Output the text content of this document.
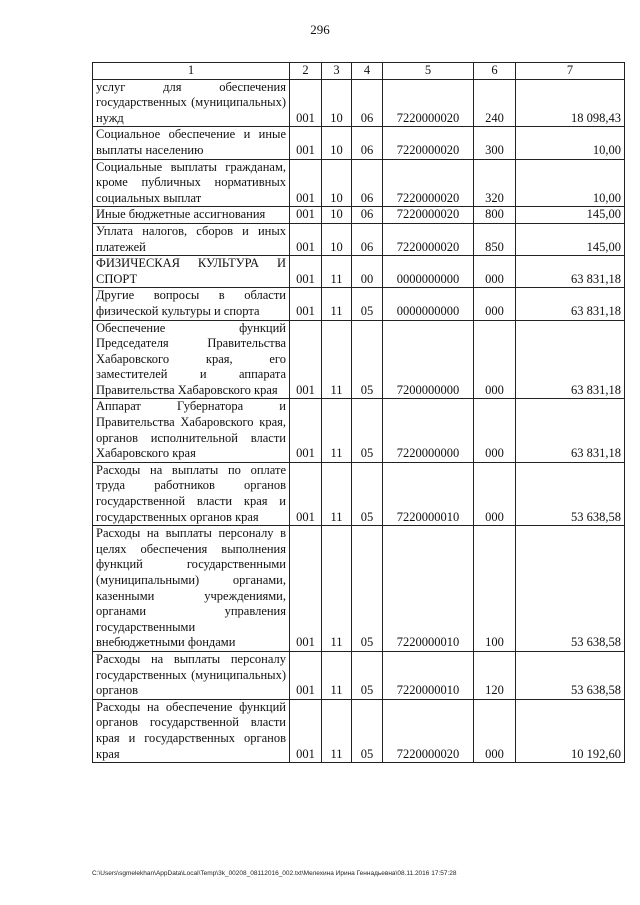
296
1	2	3	4	5	6	7
услуг для обеспечения государственных (муниципальных) нужд	001	10	06	7220000020	240	18 098,43
Социальное обеспечение и иные выплаты населению	001	10	06	7220000020	300	10,00
Социальные выплаты гражданам, кроме публичных нормативных социальных выплат	001	10	06	7220000020	320	10,00
Иные бюджетные ассигнования	001	10	06	7220000020	800	145,00
Уплата налогов, сборов и иных платежей	001	10	06	7220000020	850	145,00
ФИЗИЧЕСКАЯ КУЛЬТУРА И СПОРТ	001	11	00	0000000000	000	63 831,18
Другие вопросы в области физической культуры и спорта	001	11	05	0000000000	000	63 831,18
Обеспечение функций Председателя Правительства Хабаровского края, его заместителей и аппарата Правительства Хабаровского края	001	11	05	7200000000	000	63 831,18
Аппарат Губернатора и Правительства Хабаровского края, органов исполнительной власти Хабаровского края	001	11	05	7220000000	000	63 831,18
Расходы на выплаты по оплате труда работников органов государственной власти края и государственных органов края	001	11	05	7220000010	000	53 638,58
Расходы на выплаты персоналу в целях обеспечения выполнения функций государственными (муниципальными) органами, казенными учреждениями, органами управления государственными внебюджетными фондами	001	11	05	7220000010	100	53 638,58
Расходы на выплаты персоналу государственных (муниципальных) органов	001	11	05	7220000010	120	53 638,58
Расходы на обеспечение функций органов государственной власти края и государственных органов края	001	11	05	7220000020	000	10 192,60
C:\Users\sgmelekhan\AppData\Local\Temp\3k_00208_08112016_002.txt\Мелехина Ирина Геннадьевна\08.11.2016 17:57:28
